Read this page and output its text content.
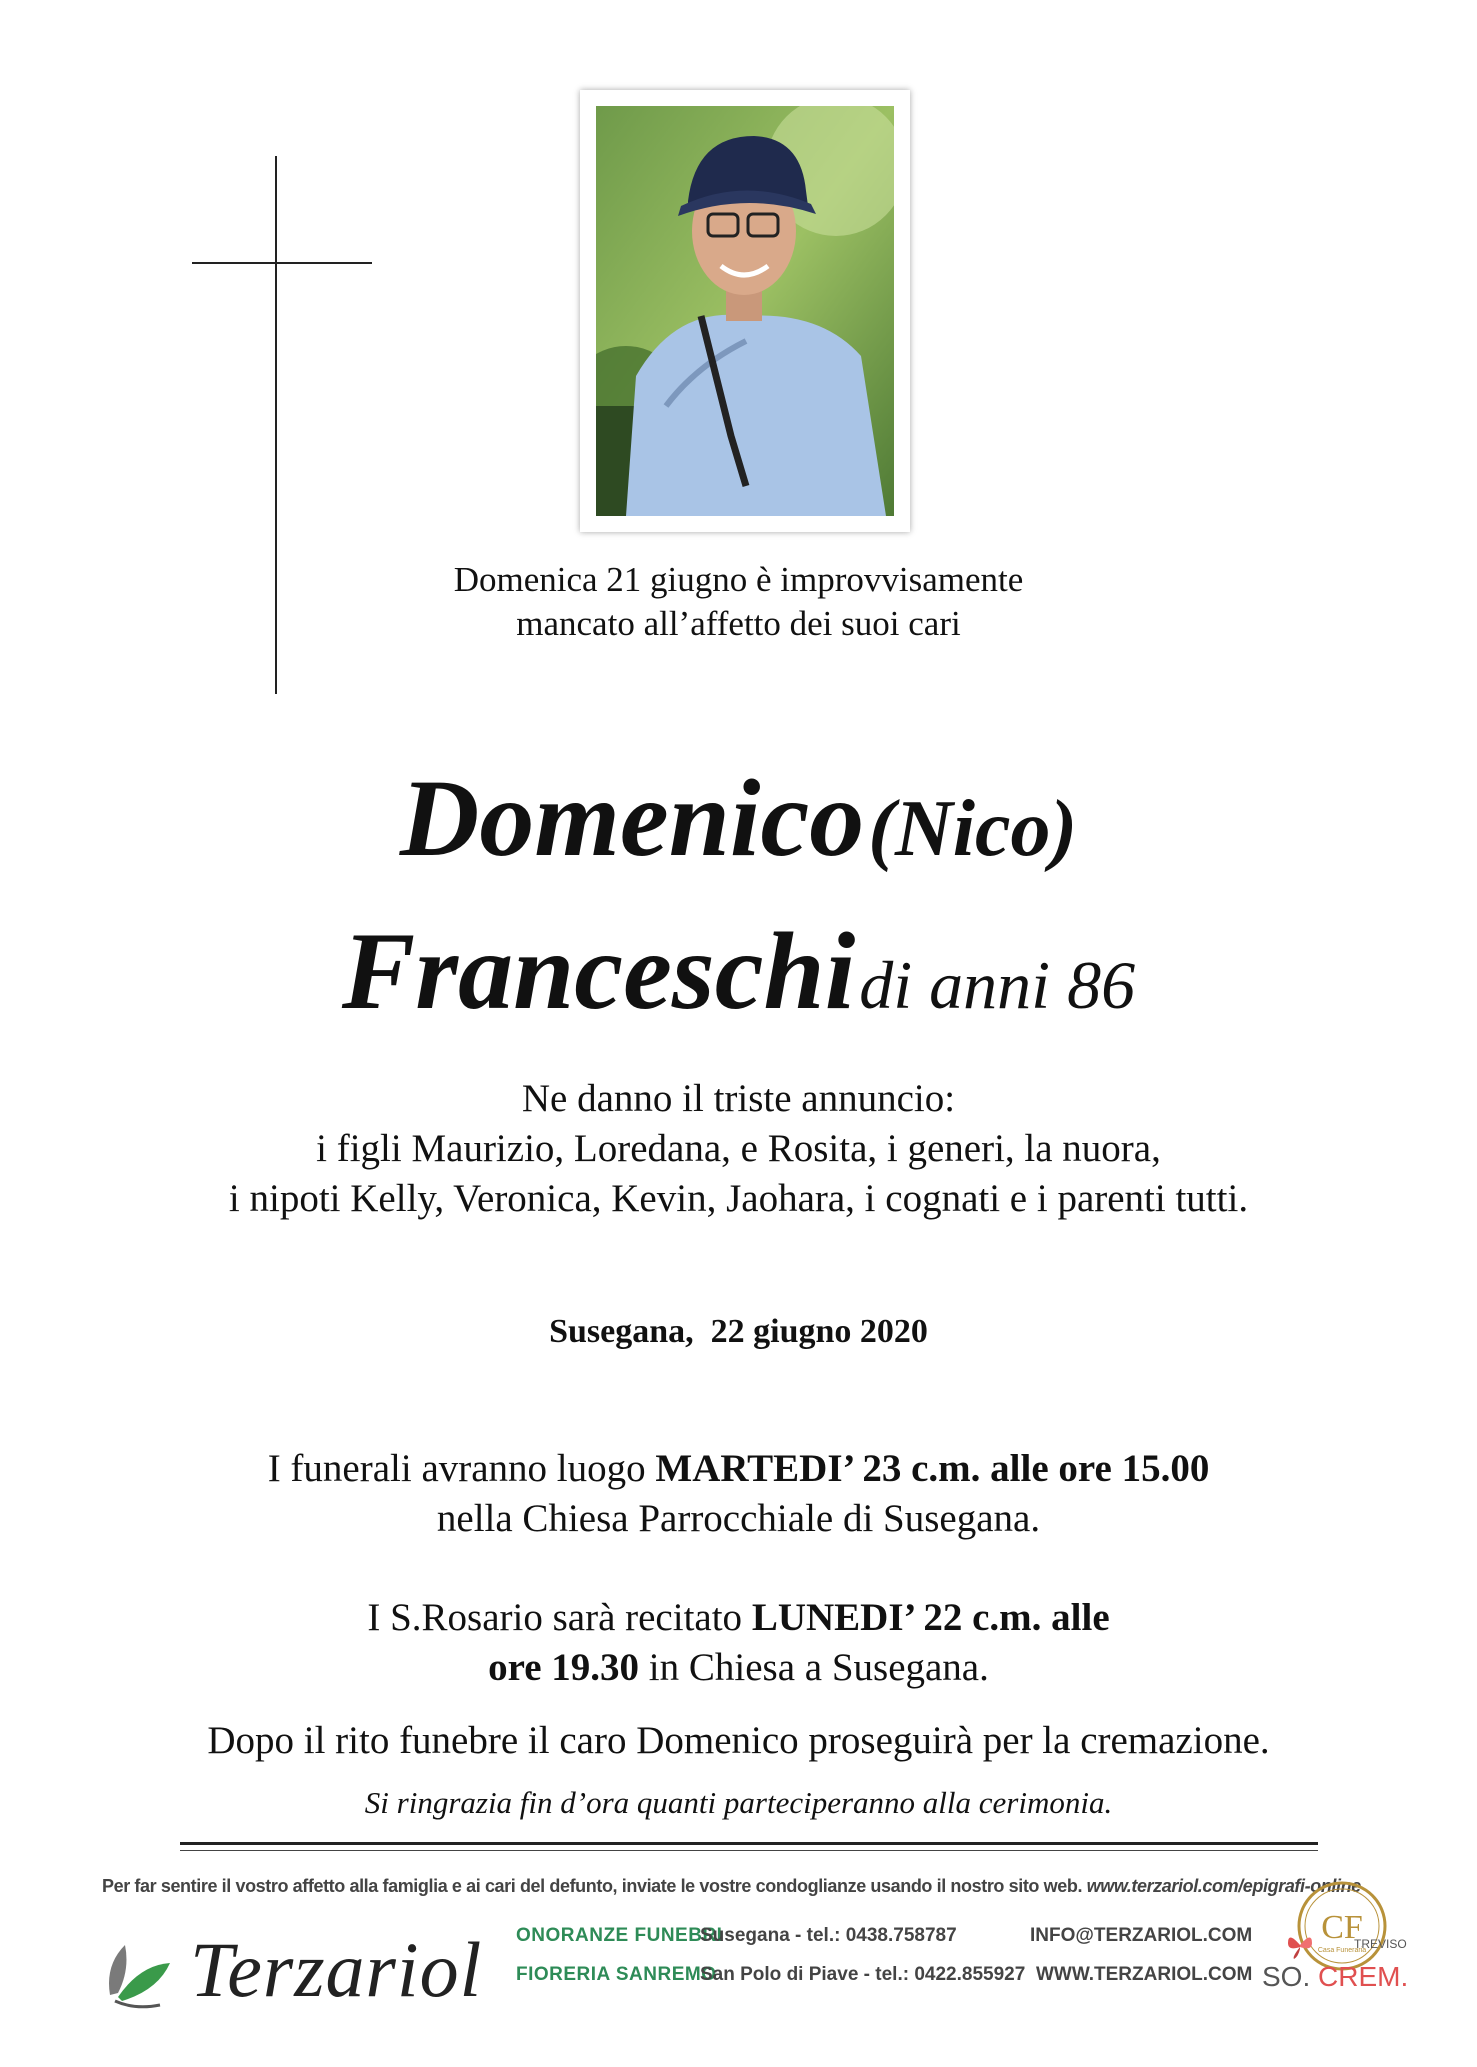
Domenica 21 giugno è improvvisamente
mancato all’affetto dei suoi cari
Domenico (Nico)
Franceschi di anni 86
Ne danno il triste annuncio:
i figli Maurizio, Loredana, e Rosita, i generi, la nuora,
i nipoti Kelly, Veronica, Kevin, Jaohara, i cognati e i parenti tutti.
Susegana,  22 giugno 2020
I funerali avranno luogo MARTEDI’ 23 c.m. alle ore 15.00
nella Chiesa Parrocchiale di Susegana.
I S.Rosario sarà recitato LUNEDI’ 22 c.m. alle
ore 19.30 in Chiesa a Susegana.
Dopo il rito funebre il caro Domenico proseguirà per la cremazione.
Si ringrazia fin d’ora quanti parteciperanno alla cerimonia.
Per far sentire il vostro affetto alla famiglia e ai cari del defunto, inviate le vostre condoglianze usando il nostro sito web. www.terzariol.com/epigrafi-online
Terzariol ONORANZE FUNEBRI
FIORERIA SANREMO
Susegana - tel.: 0438.758787
San Polo di Piave - tel.: 0422.855927
INFO@TERZARIOL.COM
WWW.TERZARIOL.COM
CF
Casa Funeraria
TREVISO
SO. CREM.
